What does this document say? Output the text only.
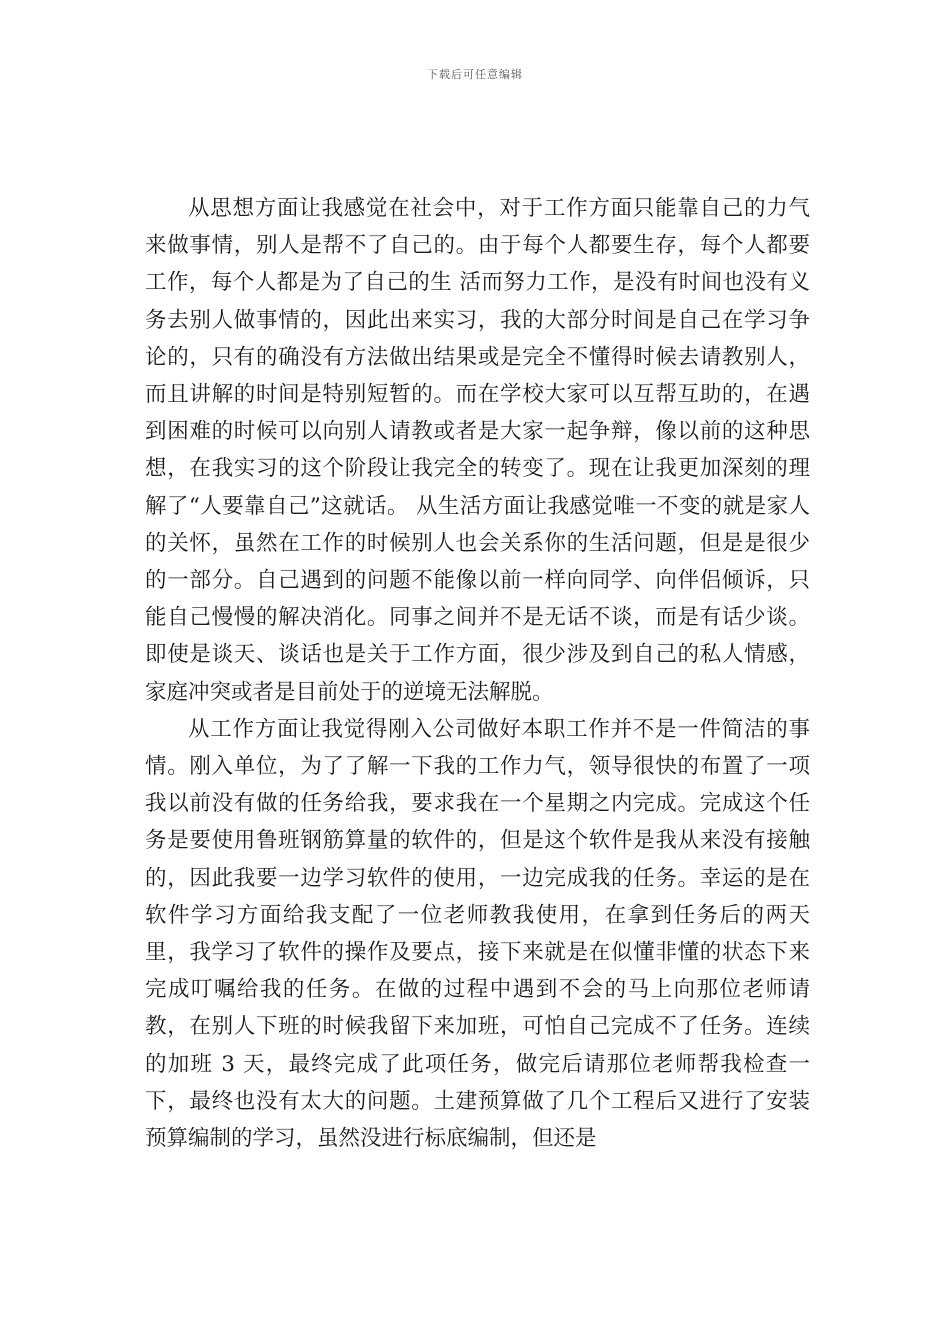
下载后可任意编辑

从思想方面让我感觉在社会中，对于工作方面只能靠自己的力气来做事情，别人是帮不了自己的。由于每个人都要生存，每个人都要工作，每个人都是为了自己的生 活而努力工作，是没有时间也没有义务去别人做事情的，因此出来实习，我的大部分时间是自己在学习争论的，只有的确没有方法做出结果或是完全不懂得时候去请教别人，而且讲解的时间是特别短暂的。而在学校大家可以互帮互助的，在遇到困难的时候可以向别人请教或者是大家一起争辩，像以前的这种思想，在我实习的这个阶段让我完全的转变了。现在让我更加深刻的理解了“人要靠自己”这就话。 从生活方面让我感觉唯一不变的就是家人的关怀，虽然在工作的时候别人也会关系你的生活问题，但是是很少的一部分。自己遇到的问题不能像以前一样向同学、向伴侣倾诉，只能自己慢慢的解决消化。同事之间并不是无话不谈，而是有话少谈。即使是谈天、谈话也是关于工作方面，很少涉及到自己的私人情感，家庭冲突或者是目前处于的逆境无法解脱。

从工作方面让我觉得刚入公司做好本职工作并不是一件简洁的事情。刚入单位，为了了解一下我的工作力气，领导很快的布置了一项我以前没有做的任务给我，要求我在一个星期之内完成。完成这个任务是要使用鲁班钢筋算量的软件的，但是这个软件是我从来没有接触的，因此我要一边学习软件的使用，一边完成我的任务。幸运的是在软件学习方面给我支配了一位老师教我使用，在拿到任务后的两天里，我学习了软件的操作及要点，接下来就是在似懂非懂的状态下来完成叮嘱给我的任务。在做的过程中遇到不会的马上向那位老师请教，在别人下班的时候我留下来加班，可怕自己完成不了任务。连续的加班 3 天，最终完成了此项任务，做完后请那位老师帮我检查一下，最终也没有太大的问题。土建预算做了几个工程后又进行了安装预算编制的学习，虽然没进行标底编制，但还是
